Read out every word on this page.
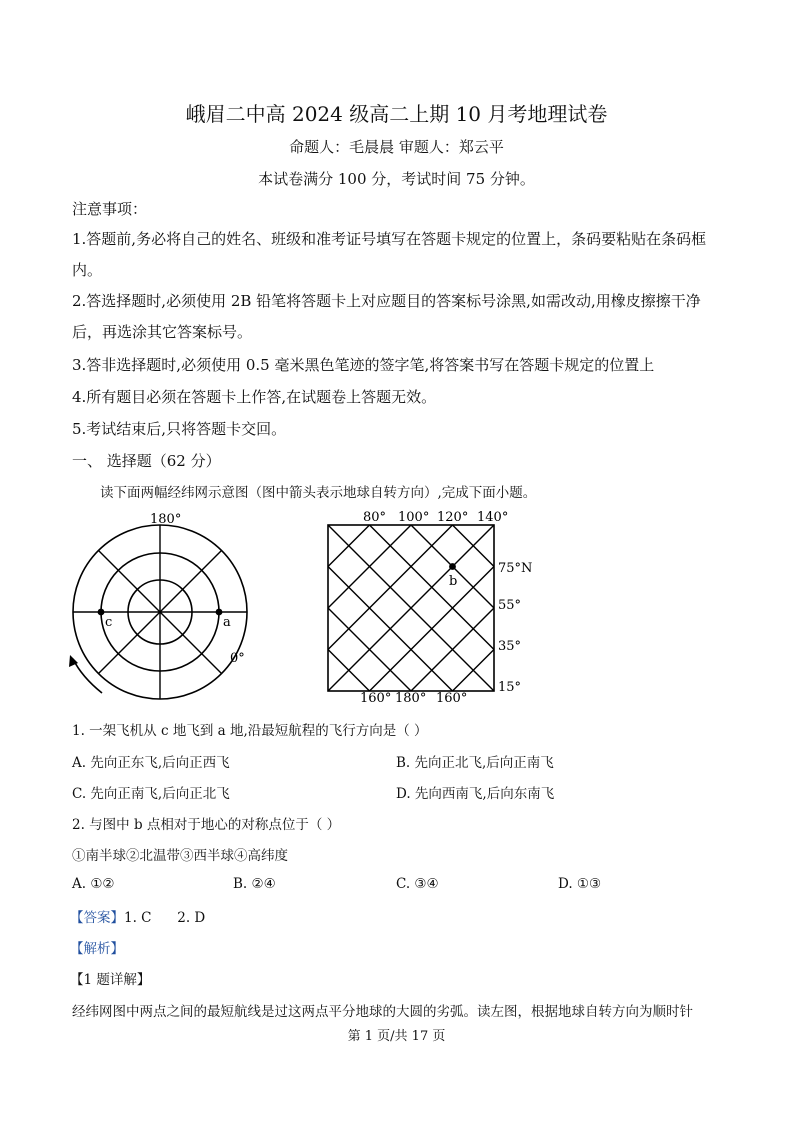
峨眉二中高 2024 级高二上期 10 月考地理试卷
命题人：毛晨晨 审题人：郑云平
本试卷满分 100 分，考试时间 75 分钟。
注意事项：
1.答题前,务必将自己的姓名、班级和准考证号填写在答题卡规定的位置上，条码要粘贴在条码框内。
2.答选择题时,必须使用 2B 铅笔将答题卡上对应题目的答案标号涂黑,如需改动,用橡皮擦擦干净后，再选涂其它答案标号。
3.答非选择题时,必须使用 0.5 毫米黑色笔迹的签字笔,将答案书写在答题卡规定的位置上
4.所有题目必须在答题卡上作答,在试题卷上答题无效。
5.考试结束后,只将答题卡交回。
一、 选择题（62 分）
读下面两幅经纬网示意图（图中箭头表示地球自转方向）,完成下面小题。
c	a
180°
0°
b
80° 100° 120° 140°
75°N
55°
35°
15°
160° 180° 160°
1. 一架飞机从 c 地飞到 a 地,沿最短航程的飞行方向是（ ）
A. 先向正东飞,后向正西飞	B. 先向正北飞,后向正南飞
C. 先向正南飞,后向正北飞	D. 先向西南飞,后向东南飞
2. 与图中 b 点相对于地心的对称点位于（ ）
①南半球②北温带③西半球④高纬度
A. ①②	B. ②④	C. ③④	D. ①③
【答案】1. C      2. D
【解析】
【1 题详解】
经纬网图中两点之间的最短航线是过这两点平分地球的大圆的劣弧。读左图，根据地球自转方向为顺时针
第 1 页/共 17 页
